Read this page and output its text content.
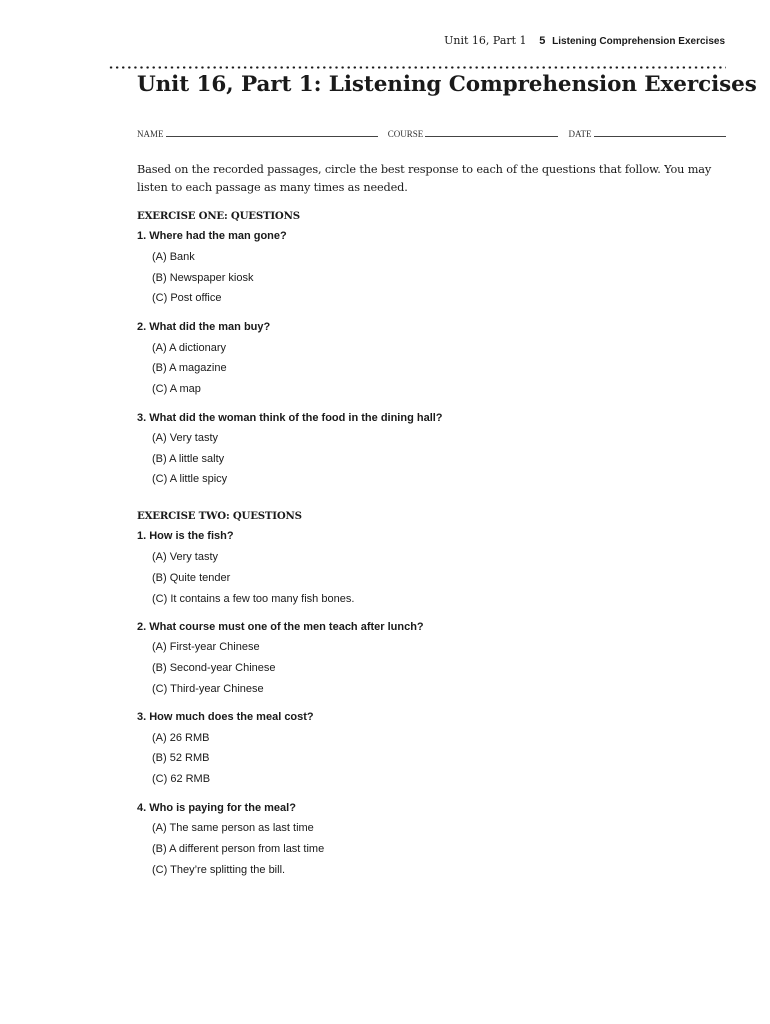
Unit 16, Part 1 5 Listening Comprehension Exercises
Unit 16, Part 1: Listening Comprehension Exercises
NAME	COURSE	DATE

Based on the recorded passages, circle the best response to each of the questions that follow. You may listen to each passage as many times as needed.

EXERCISE ONE: QUESTIONS
1. Where had the man gone?
(A) Bank
(B) Newspaper kiosk
(C) Post office
2. What did the man buy?
(A) A dictionary
(B) A magazine
(C) A map
3. What did the woman think of the food in the dining hall?
(A) Very tasty
(B) A little salty
(C) A little spicy
EXERCISE TWO: QUESTIONS
1. How is the fish?
(A) Very tasty
(B) Quite tender
(C) It contains a few too many fish bones.
2. What course must one of the men teach after lunch?
(A) First-year Chinese
(B) Second-year Chinese
(C) Third-year Chinese
3. How much does the meal cost?
(A) 26 RMB
(B) 52 RMB
(C) 62 RMB
4. Who is paying for the meal?
(A) The same person as last time
(B) A different person from last time
(C) They’re splitting the bill.
